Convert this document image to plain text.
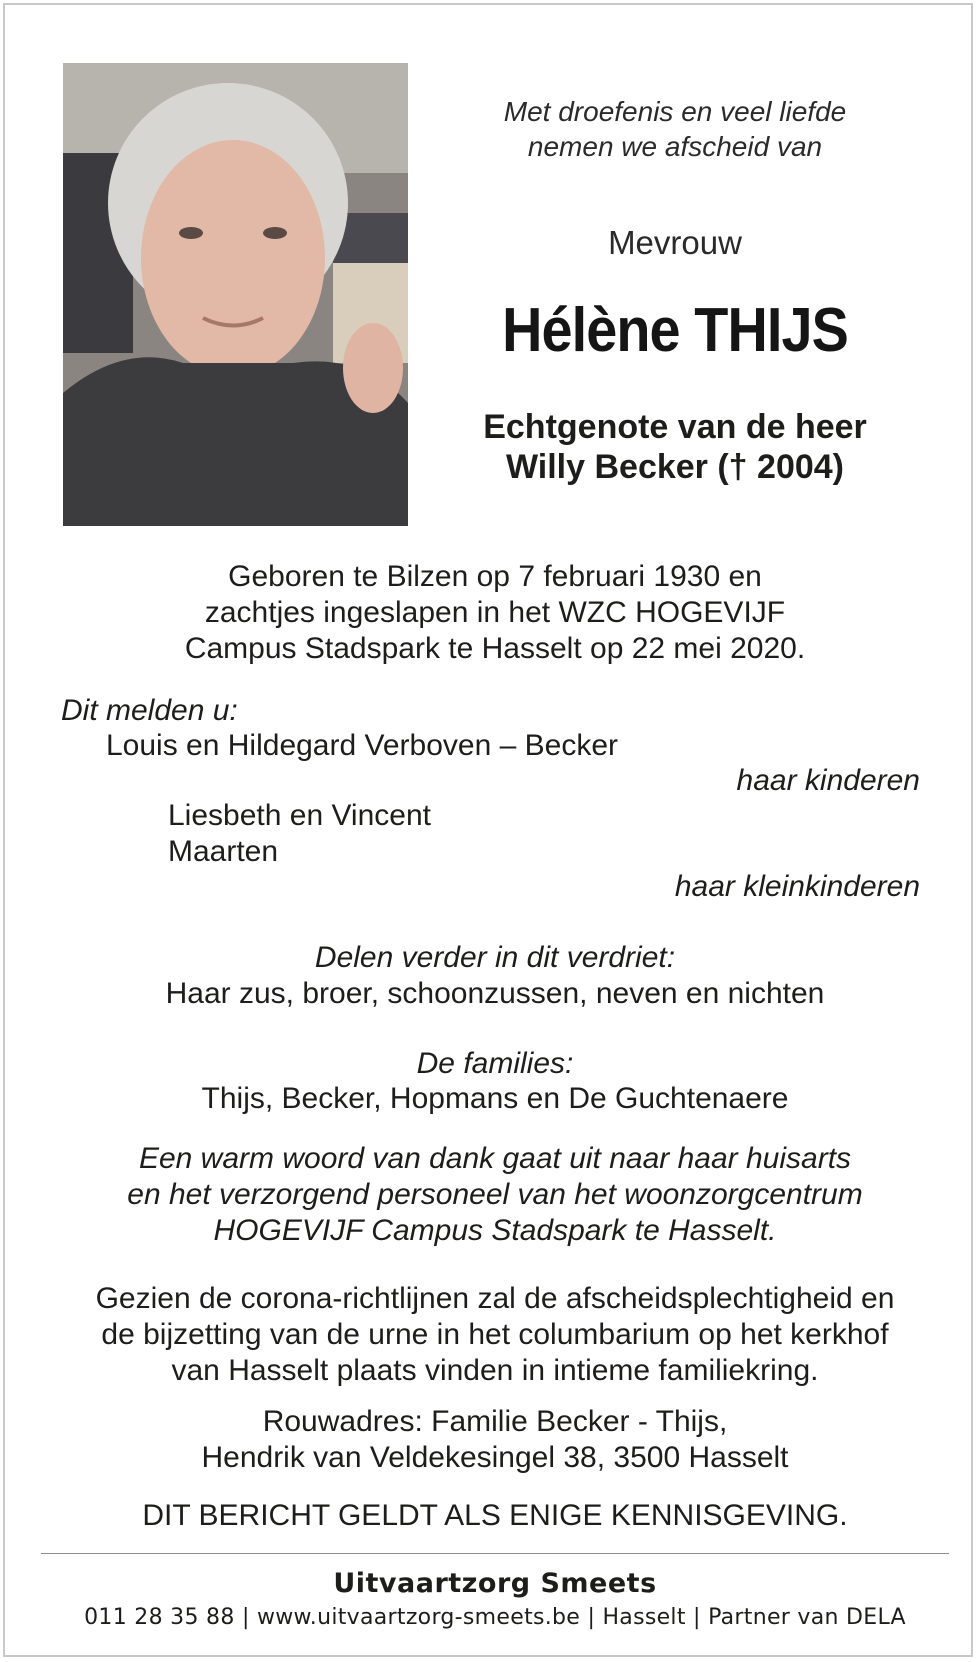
Met droefenis en veel liefde
nemen we afscheid van
Mevrouw
Hélène THIJS
Echtgenote van de heer
Willy Becker († 2004)
Geboren te Bilzen op 7 februari 1930 en
zachtjes ingeslapen in het WZC HOGEVIJF
Campus Stadspark te Hasselt op 22 mei 2020.
Dit melden u:
Louis en Hildegard Verboven – Becker
haar kinderen
Liesbeth en Vincent
Maarten
haar kleinkinderen
Delen verder in dit verdriet:
Haar zus, broer, schoonzussen, neven en nichten
De families:
Thijs, Becker, Hopmans en De Guchtenaere
Een warm woord van dank gaat uit naar haar huisarts
en het verzorgend personeel van het woonzorgcentrum
HOGEVIJF Campus Stadspark te Hasselt.
Gezien de corona-richtlijnen zal de afscheidsplechtigheid en
de bijzetting van de urne in het columbarium op het kerkhof
van Hasselt plaats vinden in intieme familiekring.
Rouwadres: Familie Becker - Thijs,
Hendrik van Veldekesingel 38, 3500 Hasselt
DIT BERICHT GELDT ALS ENIGE KENNISGEVING.
Uitvaartzorg Smeets
011 28 35 88 | www.uitvaartzorg-smeets.be | Hasselt | Partner van DELA
